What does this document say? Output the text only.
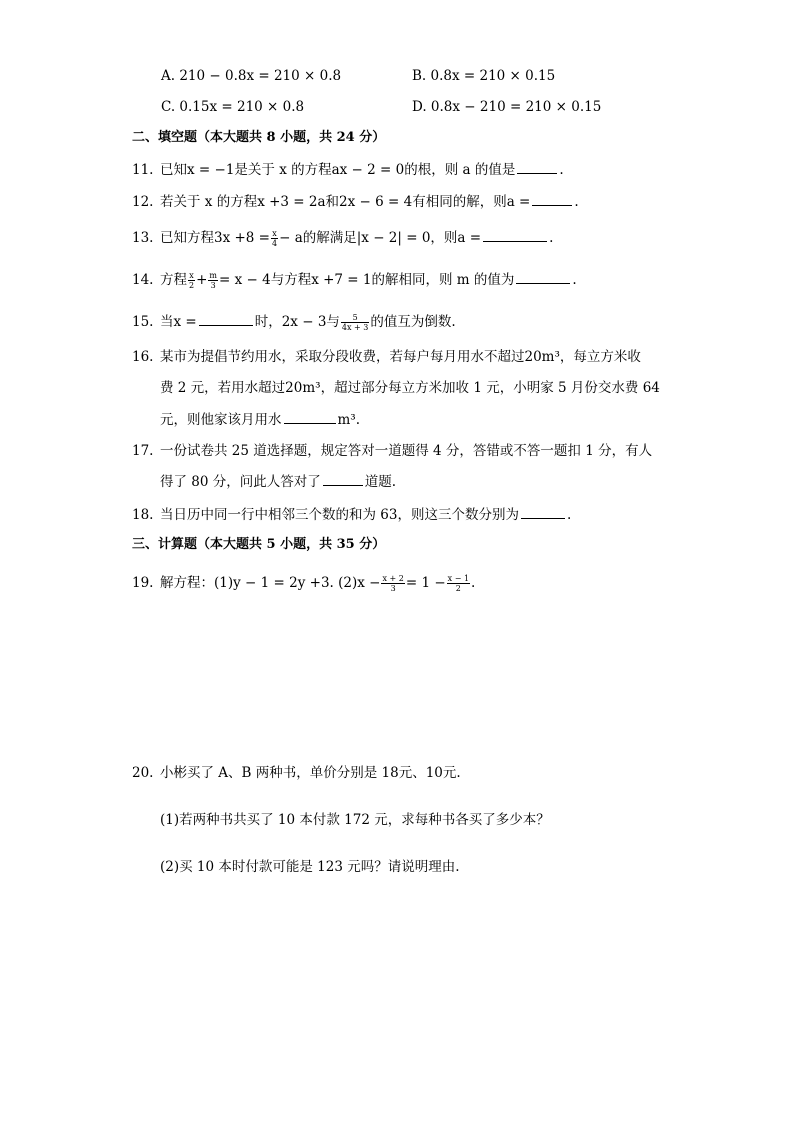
A. 210 − 0.8x = 210 × 0.8	B. 0.8x = 210 × 0.15
C. 0.15x = 210 × 0.8	D. 0.8x − 210 = 210 × 0.15
二、填空题（本大题共 8 小题，共 24 分）
11. 已知x = −1是关于 x 的方程ax − 2 = 0的根，则 a 的值是	.
12. 若关于 x 的方程x +3 = 2a和2x − 6 = 4有相同的解，则a =	.
13. 已知方程$3x +8 = \frac{x}{4} - a$的解满足|x − 2| = 0，则a =	.
14. 方程 $\frac{x}{2} + \frac{m}{3} = x - 4$与方程x +7 = 1的解相同，则 m 的值为	.
15. 当x =	时，2x − 3与 $\frac{5}{4x + 3}$ 的值互为倒数.
16. 某市为提倡节约用水，采取分段收费，若每户每月用水不超过20m³，每立方米收
费 2 元，若用水超过20m³，超过部分每立方米加收 1 元，小明家 5 月份交水费 64
元，则他家该月用水	m³.
17. 一份试卷共 25 道选择题，规定答对一道题得 4 分，答错或不答一题扣 1 分，有人
得了 80 分，问此人答对了	道题.
18. 当日历中同一行中相邻三个数的和为 63，则这三个数分别为	.
三、计算题（本大题共 5 小题，共 35 分）
19. 解方程：(1)y − 1 = 2y +3. $(2)x - \frac{x + 2}{3} = 1 - \frac{x - 1}{2}$ .
20. 小彬买了 A、B 两种书，单价分别是 18元、10元.
(1)若两种书共买了 10 本付款 172 元，求每种书各买了多少本？
(2)买 10 本时付款可能是 123 元吗？请说明理由.
